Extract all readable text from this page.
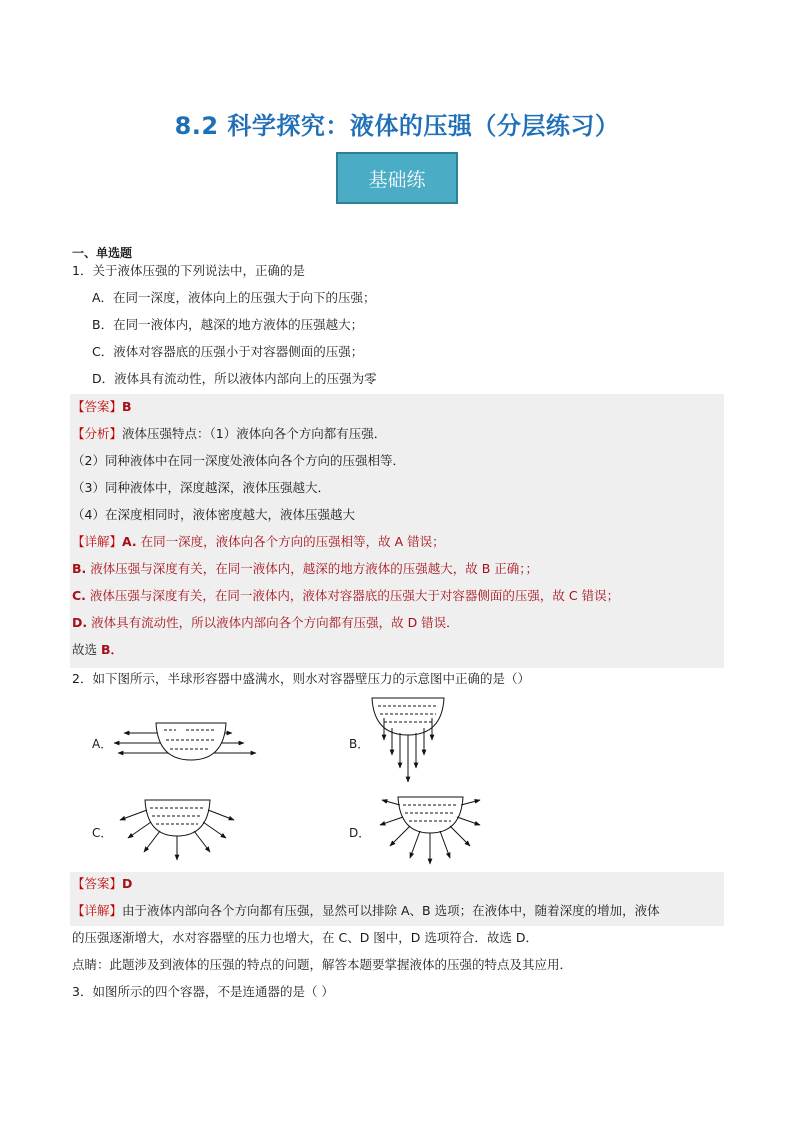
8.2 科学探究：液体的压强（分层练习）
基础练
一、单选题
1．关于液体压强的下列说法中，正确的是
A．在同一深度，液体向上的压强大于向下的压强；
B．在同一液体内，越深的地方液体的压强越大；
C．液体对容器底的压强小于对容器侧面的压强；
D．液体具有流动性，所以液体内部向上的压强为零
【答案】B
【分析】液体压强特点：（1）液体向各个方向都有压强．
（2）同种液体中在同一深度处液体向各个方向的压强相等．
（3）同种液体中，深度越深，液体压强越大．
（4）在深度相同时，液体密度越大，液体压强越大
【详解】A. 在同一深度，液体向各个方向的压强相等，故 A 错误；
B. 液体压强与深度有关，在同一液体内，越深的地方液体的压强越大，故 B 正确；；
C. 液体压强与深度有关，在同一液体内，液体对容器底的压强大于对容器侧面的压强，故 C 错误；
D. 液体具有流动性，所以液体内部向各个方向都有压强，故 D 错误．
故选 B．
2．如下图所示，半球形容器中盛满水，则水对容器壁压力的示意图中正确的是（）
A．	B．
C．	D．
【答案】D
【详解】由于液体内部向各个方向都有压强，显然可以排除 A、B 选项；在液体中，随着深度的增加，液体
的压强逐渐增大，水对容器壁的压力也增大，在 C、D 图中，D 选项符合．故选 D．
点睛：此题涉及到液体的压强的特点的问题，解答本题要掌握液体的压强的特点及其应用．
3．如图所示的四个容器，不是连通器的是（ ）
